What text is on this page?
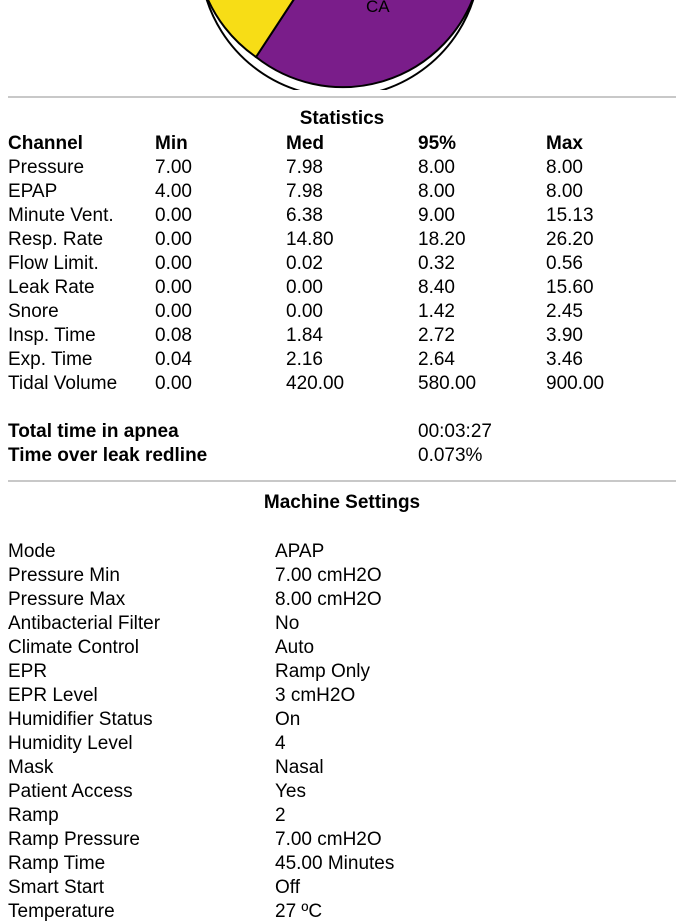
CA
Statistics
Channel	Min	Med	95%	Max
Pressure	7.00	7.98	8.00	8.00
EPAP	4.00	7.98	8.00	8.00
Minute Vent. 0.00	6.38	9.00	15.13
Resp. Rate	0.00	14.80	18.20	26.20
Flow Limit.	0.00	0.02	0.32	0.56
Leak Rate	0.00	0.00	8.40	15.60
Snore	0.00	0.00	1.42	2.45
Insp. Time	0.08	1.84	2.72	3.90
Exp. Time	0.04	2.16	2.64	3.46
Tidal Volume 0.00	420.00	580.00	900.00
Total time in apnea	00:03:27
Time over leak redline	0.073%
Machine Settings
Mode	APAP
Pressure Min	7.00 cmH2O
Pressure Max	8.00 cmH2O
Antibacterial Filter	No
Climate Control	Auto
EPR	Ramp Only
EPR Level	3 cmH2O
Humidifier Status	On
Humidity Level	4
Mask	Nasal
Patient Access	Yes
Ramp	2
Ramp Pressure	7.00 cmH2O
Ramp Time	45.00 Minutes
Smart Start	Off
Temperature	27 ºC
